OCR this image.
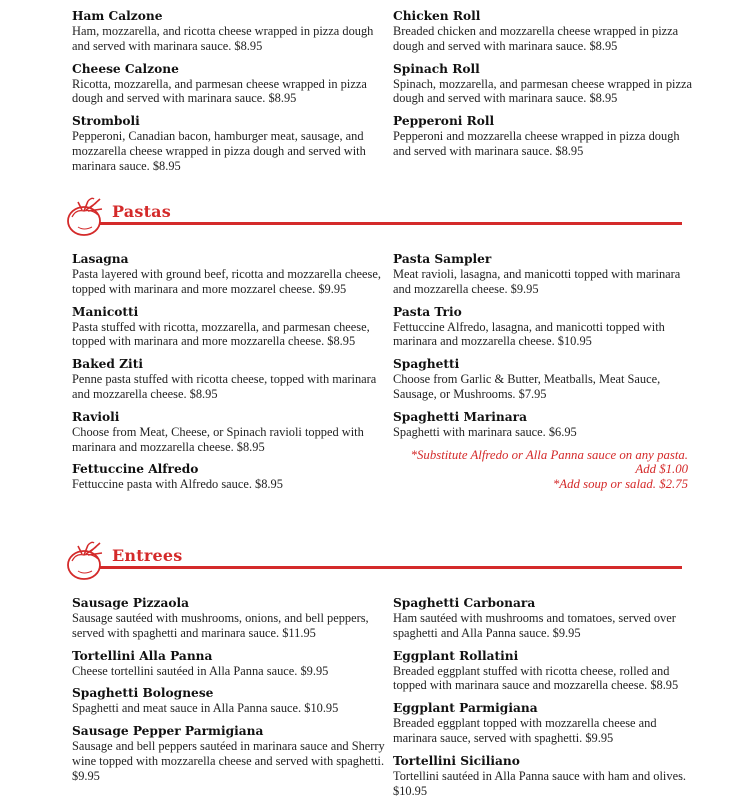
Ham Calzone
Ham, mozzarella, and ricotta cheese wrapped in pizza dough and served with marinara sauce. $8.95
Cheese Calzone
Ricotta, mozzarella, and parmesan cheese wrapped in pizza dough and served with marinara sauce. $8.95
Stromboli
Pepperoni, Canadian bacon, hamburger meat, sausage, and mozzarella cheese wrapped in pizza dough and served with marinara sauce. $8.95
Chicken Roll
Breaded chicken and mozzarella cheese wrapped in pizza dough and served with marinara sauce. $8.95
Spinach Roll
Spinach, mozzarella, and parmesan cheese wrapped in pizza dough and served with marinara sauce. $8.95
Pepperoni Roll
Pepperoni and mozzarella cheese wrapped in pizza dough and served with marinara sauce. $8.95
Pastas
Lasagna
Pasta layered with ground beef, ricotta and mozzarella cheese, topped with marinara and more mozzarel cheese. $9.95
Manicotti
Pasta stuffed with ricotta, mozzarella, and parmesan cheese, topped with marinara and more mozzarella cheese. $8.95
Baked Ziti
Penne pasta stuffed with ricotta cheese, topped with marinara and mozzarella cheese. $8.95
Ravioli
Choose from Meat, Cheese, or Spinach ravioli topped with marinara and mozzarella cheese. $8.95
Fettuccine Alfredo
Fettuccine pasta with Alfredo sauce. $8.95
Pasta Sampler
Meat ravioli, lasagna, and manicotti topped with marinara and mozzarella cheese. $9.95
Pasta Trio
Fettuccine Alfredo, lasagna, and manicotti topped with marinara and mozzarella cheese. $10.95
Spaghetti
Choose from Garlic & Butter, Meatballs, Meat Sauce, Sausage, or Mushrooms. $7.95
Spaghetti Marinara
Spaghetti with marinara sauce. $6.95
*Substitute Alfredo or Alla Panna sauce on any pasta. Add $1.00
*Add soup or salad. $2.75
Entrees
Sausage Pizzaola
Sausage sautéed with mushrooms, onions, and bell peppers, served with spaghetti and marinara sauce. $11.95
Tortellini Alla Panna
Cheese tortellini sautéed in Alla Panna sauce. $9.95
Spaghetti Bolognese
Spaghetti and meat sauce in Alla Panna sauce. $10.95
Sausage Pepper Parmigiana
Sausage and bell peppers sautéed in marinara sauce and Sherry wine topped with mozzarella cheese and served with spaghetti. $9.95
Spaghetti Carbonara
Ham sautéed with mushrooms and tomatoes, served over spaghetti and Alla Panna sauce. $9.95
Eggplant Rollatini
Breaded eggplant stuffed with ricotta cheese, rolled and topped with marinara sauce and mozzarella cheese. $8.95
Eggplant Parmigiana
Breaded eggplant topped with mozzarella cheese and marinara sauce, served with spaghetti. $9.95
Tortellini Siciliano
Tortellini sautéed in Alla Panna sauce with ham and olives. $10.95
